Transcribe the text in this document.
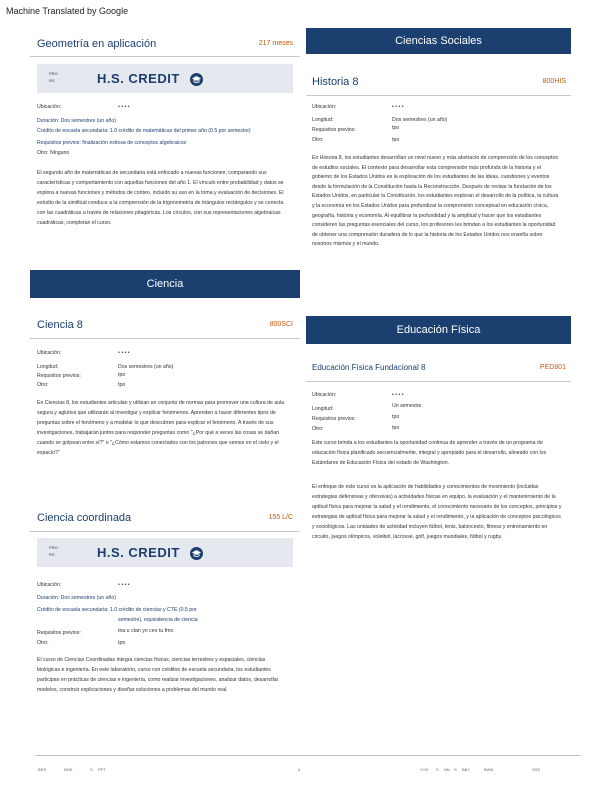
Machine Translated by Google
Geometría en aplicación	217 meses
PRO
RS	H.S. CREDIT
Ubicación:	• • • •
Duración: Dos semestres (un año)
Crédito de escuela secundaria: 1.0 crédito de matemáticas del primer año (0.5 por semestre)
Requisitos previos: finalización exitosa de conceptos algebraicos
Otro: Ninguno
El segundo año de matemáticas de secundaria está enfocado a nuevas funciones; comparando sus características y comportamiento con aquellas funciones del año 1. El vínculo entre probabilidad y datos se explora a nuevas funciones y métodos de conteo, incluido su uso en la toma y evaluación de decisiones. El estudio de la similitud conduce a la comprensión de la trigonometría de triángulos rectángulos y se conecta con las cuadráticas a través de relaciones pitagóricas. Los círculos, con sus representaciones algebraicas cuadráticas, completan el curso.
Ciencia
Ciencia 8	800SCI
Ubicación:	• • • •
Longitud:	Dos semestres (un año)
Requisitos previos:	tpo
Otro:	tpo
En Ciencias 8, los estudiantes articulan y utilizan un conjunto de normas para promover una cultura de aula segura y aglutiva que utilizarán al investigar y explicar fenómenos. Aprenden a hacer diferentes tipos de preguntas sobre el fenómeno y a modelar lo que descubren para explicar el fenómeno. A través de sus investigaciones, trabajarán juntos para responder preguntas como "¿Por qué a veces las cosas se dañan cuando se golpean entre sí?" o "¿Cómo estamos conectados con los patrones que vemos en el cielo y el espacio?"
Ciencia coordinada	155 L/C
PRO
RS	H.S. CREDIT
Ubicación:	• • • •
Duración: Dos semestres (un año)
Crédito de escuela secundaria: 1.0 crédito de ciencias y CTE (0.5 por
semestre), equivalencia de ciencia
Requisitos previos:	tna u ctan yo ceo tu fmo
Otro:	tpo
El curso de Ciencias Coordinadas integra ciencias físicas, ciencias terrestres y espaciales, ciencias biológicas e ingeniería. En este laboratorio, curso con créditos de escuela secundaria, los estudiantes participan en prácticas de ciencias e ingeniería, como realizar investigaciones, analizar datos, desarrollar modelos, construir explicaciones y diseñar soluciones a problemas del mundo real.
Ciencias Sociales
Historia 8	800HIS
Ubicación:	• • • •
Longitud:	Dos semestres (un año)
Requisitos previos:	tpo
Otro:	tpo
En Historia 8, los estudiantes desarrollan un nivel nuevo y más abstracto de comprensión de los conceptos de estudios sociales. El contexto para desarrollar esta comprensión más profunda de la historia y el gobierno de los Estados Unidos es la exploración de los estudiantes de las ideas, cuestiones y eventos desde la formulación de la Constitución hasta la Reconstrucción. Después de revisar la fundación de los Estados Unidos, en particular la Constitución, los estudiantes exploran el desarrollo de la política, la cultura y la economía en los Estados Unidos para profundizar la comprensión conceptual en educación cívica, geografía, historia y economía. Al equilibrar la profundidad y la amplitud y hacer que los estudiantes consideren las preguntas esenciales del curso, los profesores les brindan a los estudiantes la oportunidad de obtener una comprensión duradera de lo que la historia de los Estados Unidos nos enseña sobre nosotros mismos y el mundo.
Educación Física
Educación Física Fundacional 8	PED801
Ubicación:	• • • •
Longitud:	Un semestre
Requisitos previos:	tpo
Otro:	tpo
Este curso brinda a los estudiantes la oportunidad continua de aprender a través de un programa de educación física planificado secuencialmente, integral y apropiado para el desarrollo, alineado con los Estándares de Educación Física del estado de Washington.
El enfoque de este curso es la aplicación de habilidades y conocimientos de movimiento (incluidas estrategias defensivas y ofensivas) a actividades físicas en equipo, la evaluación y el mantenimiento de la aptitud física para mejorar la salud y el rendimiento, el conocimiento necesario de los conceptos, principios y estrategias de aptitud física para mejorar la salud y el rendimiento, y la aplicación de conceptos psicológicos y sociológicos. Las unidades de actividad incluyen fútbol, tenis, baloncesto, fitness y entrenamiento en circuito, juegos olímpicos, voleibol, lacrosse, golf, juegos mundiales, fútbol y rugby.
BSS	NNS	S PPT	4	YYB S NN S BBJ	BWB	SSS
